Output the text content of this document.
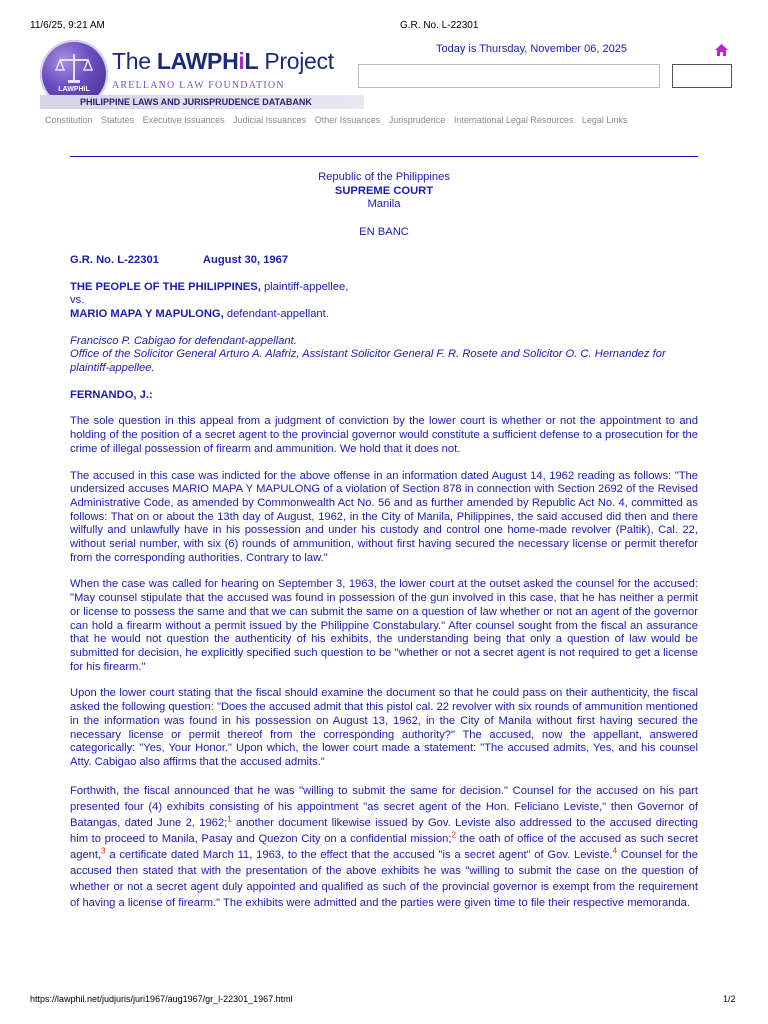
11/6/25, 9:21 AM	G.R. No. L-22301
LAWPHiL
The LAWPHiL Project
ARELLANO LAW FOUNDATION
PHILIPPINE LAWS AND JURISPRUDENCE DATABANK
Today is Thursday, November 06, 2025
Constitution Statutes Executive Issuances Judicial Issuances Other Issuances Jurisprudence International Legal Resources Legal Links
Republic of the Philippines
SUPREME COURT
Manila
EN BANC
G.R. No. L-22301	August 30, 1967
THE PEOPLE OF THE PHILIPPINES, plaintiff-appellee,
vs.
MARIO MAPA Y MAPULONG, defendant-appellant.
Francisco P. Cabigao for defendant-appellant.
Office of the Solicitor General Arturo A. Alafriz, Assistant Solicitor General F. R. Rosete and Solicitor O. C. Hernandez for plaintiff-appellee.
FERNANDO, J.:

The sole question in this appeal from a judgment of conviction by the lower court is whether or not the appointment to and holding of the position of a secret agent to the provincial governor would constitute a sufficient defense to a prosecution for the crime of illegal possession of firearm and ammunition. We hold that it does not.

The accused in this case was indicted for the above offense in an information dated August 14, 1962 reading as follows: "The undersized accuses MARIO MAPA Y MAPULONG of a violation of Section 878 in connection with Section 2692 of the Revised Administrative Code, as amended by Commonwealth Act No. 56 and as further amended by Republic Act No. 4, committed as follows: That on or about the 13th day of August, 1962, in the City of Manila, Philippines, the said accused did then and there wilfully and unlawfully have in his possession and under his custody and control one home-made revolver (Paltik), Cal. 22, without serial number, with six (6) rounds of ammunition, without first having secured the necessary license or permit therefor from the corresponding authorities. Contrary to law."

When the case was called for hearing on September 3, 1963, the lower court at the outset asked the counsel for the accused: "May counsel stipulate that the accused was found in possession of the gun involved in this case, that he has neither a permit or license to possess the same and that we can submit the same on a question of law whether or not an agent of the governor can hold a firearm without a permit issued by the Philippine Constabulary." After counsel sought from the fiscal an assurance that he would not question the authenticity of his exhibits, the understanding being that only a question of law would be submitted for decision, he explicitly specified such question to be "whether or not a secret agent is not required to get a license for his firearm."

Upon the lower court stating that the fiscal should examine the document so that he could pass on their authenticity, the fiscal asked the following question: "Does the accused admit that this pistol cal. 22 revolver with six rounds of ammunition mentioned in the information was found in his possession on August 13, 1962, in the City of Manila without first having secured the necessary license or permit thereof from the corresponding authority?" The accused, now the appellant, answered categorically: "Yes, Your Honor." Upon which, the lower court made a statement: "The accused admits, Yes, and his counsel Atty. Cabigao also affirms that the accused admits."

Forthwith, the fiscal announced that he was "willing to submit the same for decision." Counsel for the accused on his part presented four (4) exhibits consisting of his appointment "as secret agent of the Hon. Feliciano Leviste," then Governor of Batangas, dated June 2, 1962;$^1$ another document likewise issued by Gov. Leviste also addressed to the accused directing him to proceed to Manila, Pasay and Quezon City on a confidential mission;$^2$ the oath of office of the accused as such secret agent,$^3$ a certificate dated March 11, 1963, to the effect that the accused "is a secret agent" of Gov. Leviste.$^4$ Counsel for the accused then stated that with the presentation of the above exhibits he was "willing to submit the case on the question of whether or not a secret agent duly appointed and qualified as such of the provincial governor is exempt from the requirement of having a license of firearm." The exhibits were admitted and the parties were given time to file their respective memoranda.

https://lawphil.net/judjuris/juri1967/aug1967/gr_l-22301_1967.html	1/2
